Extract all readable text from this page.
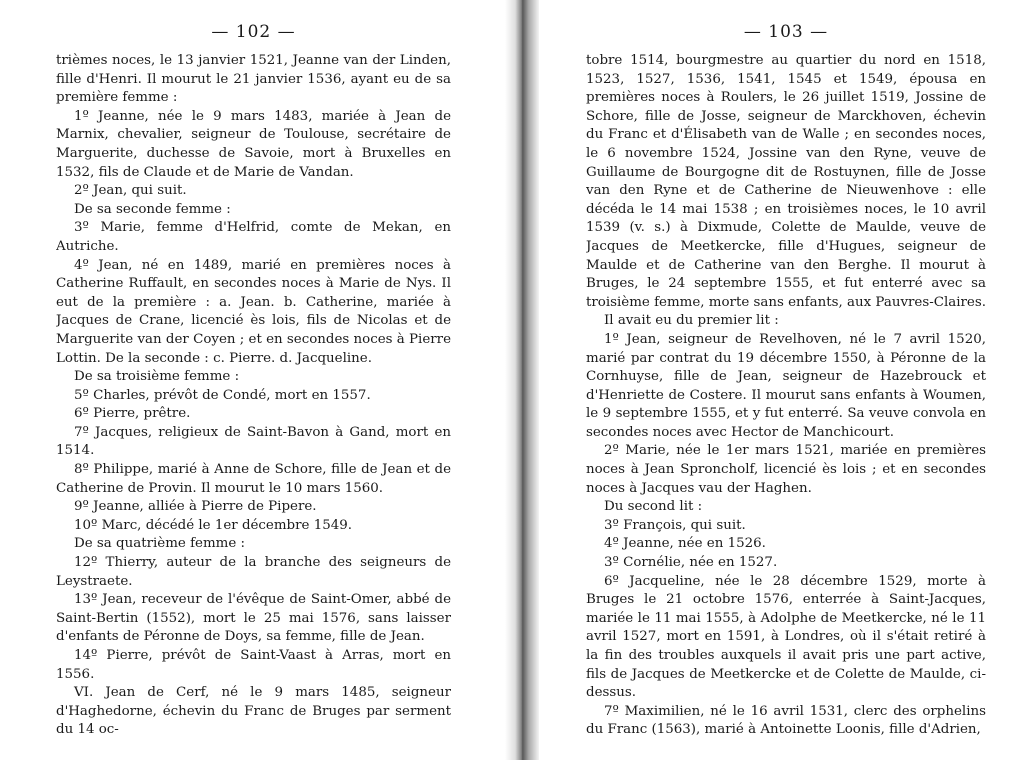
— 102 —

trièmes noces, le 13 janvier 1521, Jeanne van der Linden, fille d'Henri. Il mourut le 21 janvier 1536, ayant eu de sa première femme :

1º Jeanne, née le 9 mars 1483, mariée à Jean de Marnix, chevalier, seigneur de Toulouse, secrétaire de Marguerite, duchesse de Savoie, mort à Bruxelles en 1532, fils de Claude et de Marie de Vandan.

2º Jean, qui suit.

De sa seconde femme :

3º Marie, femme d'Helfrid, comte de Mekan, en Autriche.

4º Jean, né en 1489, marié en premières noces à Catherine Ruffault, en secondes noces à Marie de Nys. Il eut de la première : a. Jean. b. Catherine, mariée à Jacques de Crane, licencié ès lois, fils de Nicolas et de Marguerite van der Coyen ; et en secondes noces à Pierre Lottin. De la seconde : c. Pierre. d. Jacqueline.

De sa troisième femme :

5º Charles, prévôt de Condé, mort en 1557.

6º Pierre, prêtre.

7º Jacques, religieux de Saint-Bavon à Gand, mort en 1514.

8º Philippe, marié à Anne de Schore, fille de Jean et de Catherine de Provin. Il mourut le 10 mars 1560.

9º Jeanne, alliée à Pierre de Pipere.

10º Marc, décédé le 1er décembre 1549.

De sa quatrième femme :

12º Thierry, auteur de la branche des seigneurs de Leystraete.

13º Jean, receveur de l'évêque de Saint-Omer, abbé de Saint-Bertin (1552), mort le 25 mai 1576, sans laisser d'enfants de Péronne de Doys, sa femme, fille de Jean.

14º Pierre, prévôt de Saint-Vaast à Arras, mort en 1556.

VI. Jean de Cerf, né le 9 mars 1485, seigneur d'Haghedorne, échevin du Franc de Bruges par serment du 14 oc-

— 103 —

tobre 1514, bourgmestre au quartier du nord en 1518, 1523, 1527, 1536, 1541, 1545 et 1549, épousa en premières noces à Roulers, le 26 juillet 1519, Jossine de Schore, fille de Josse, seigneur de Marckhoven, échevin du Franc et d'Élisabeth van de Walle ; en secondes noces, le 6 novembre 1524, Jossine van den Ryne, veuve de Guillaume de Bourgogne dit de Rostuynen, fille de Josse van den Ryne et de Catherine de Nieuwenhove : elle décéda le 14 mai 1538 ; en troisièmes noces, le 10 avril 1539 (v. s.) à Dixmude, Colette de Maulde, veuve de Jacques de Meetkercke, fille d'Hugues, seigneur de Maulde et de Catherine van den Berghe. Il mourut à Bruges, le 24 septembre 1555, et fut enterré avec sa troisième femme, morte sans enfants, aux Pauvres-Claires.

Il avait eu du premier lit :

1º Jean, seigneur de Revelhoven, né le 7 avril 1520, marié par contrat du 19 décembre 1550, à Péronne de la Cornhuyse, fille de Jean, seigneur de Hazebrouck et d'Henriette de Costere. Il mourut sans enfants à Woumen, le 9 septembre 1555, et y fut enterré. Sa veuve convola en secondes noces avec Hector de Manchicourt.

2º Marie, née le 1er mars 1521, mariée en premières noces à Jean Sproncholf, licencié ès lois ; et en secondes noces à Jacques vau der Haghen.

Du second lit :

3º François, qui suit.

4º Jeanne, née en 1526.

3º Cornélie, née en 1527.

6º Jacqueline, née le 28 décembre 1529, morte à Bruges le 21 octobre 1576, enterrée à Saint-Jacques, mariée le 11 mai 1555, à Adolphe de Meetkercke, né le 11 avril 1527, mort en 1591, à Londres, où il s'était retiré à la fin des troubles auxquels il avait pris une part active, fils de Jacques de Meetkercke et de Colette de Maulde, ci-dessus.

7º Maximilien, né le 16 avril 1531, clerc des orphelins du Franc (1563), marié à Antoinette Loonis, fille d'Adrien,
